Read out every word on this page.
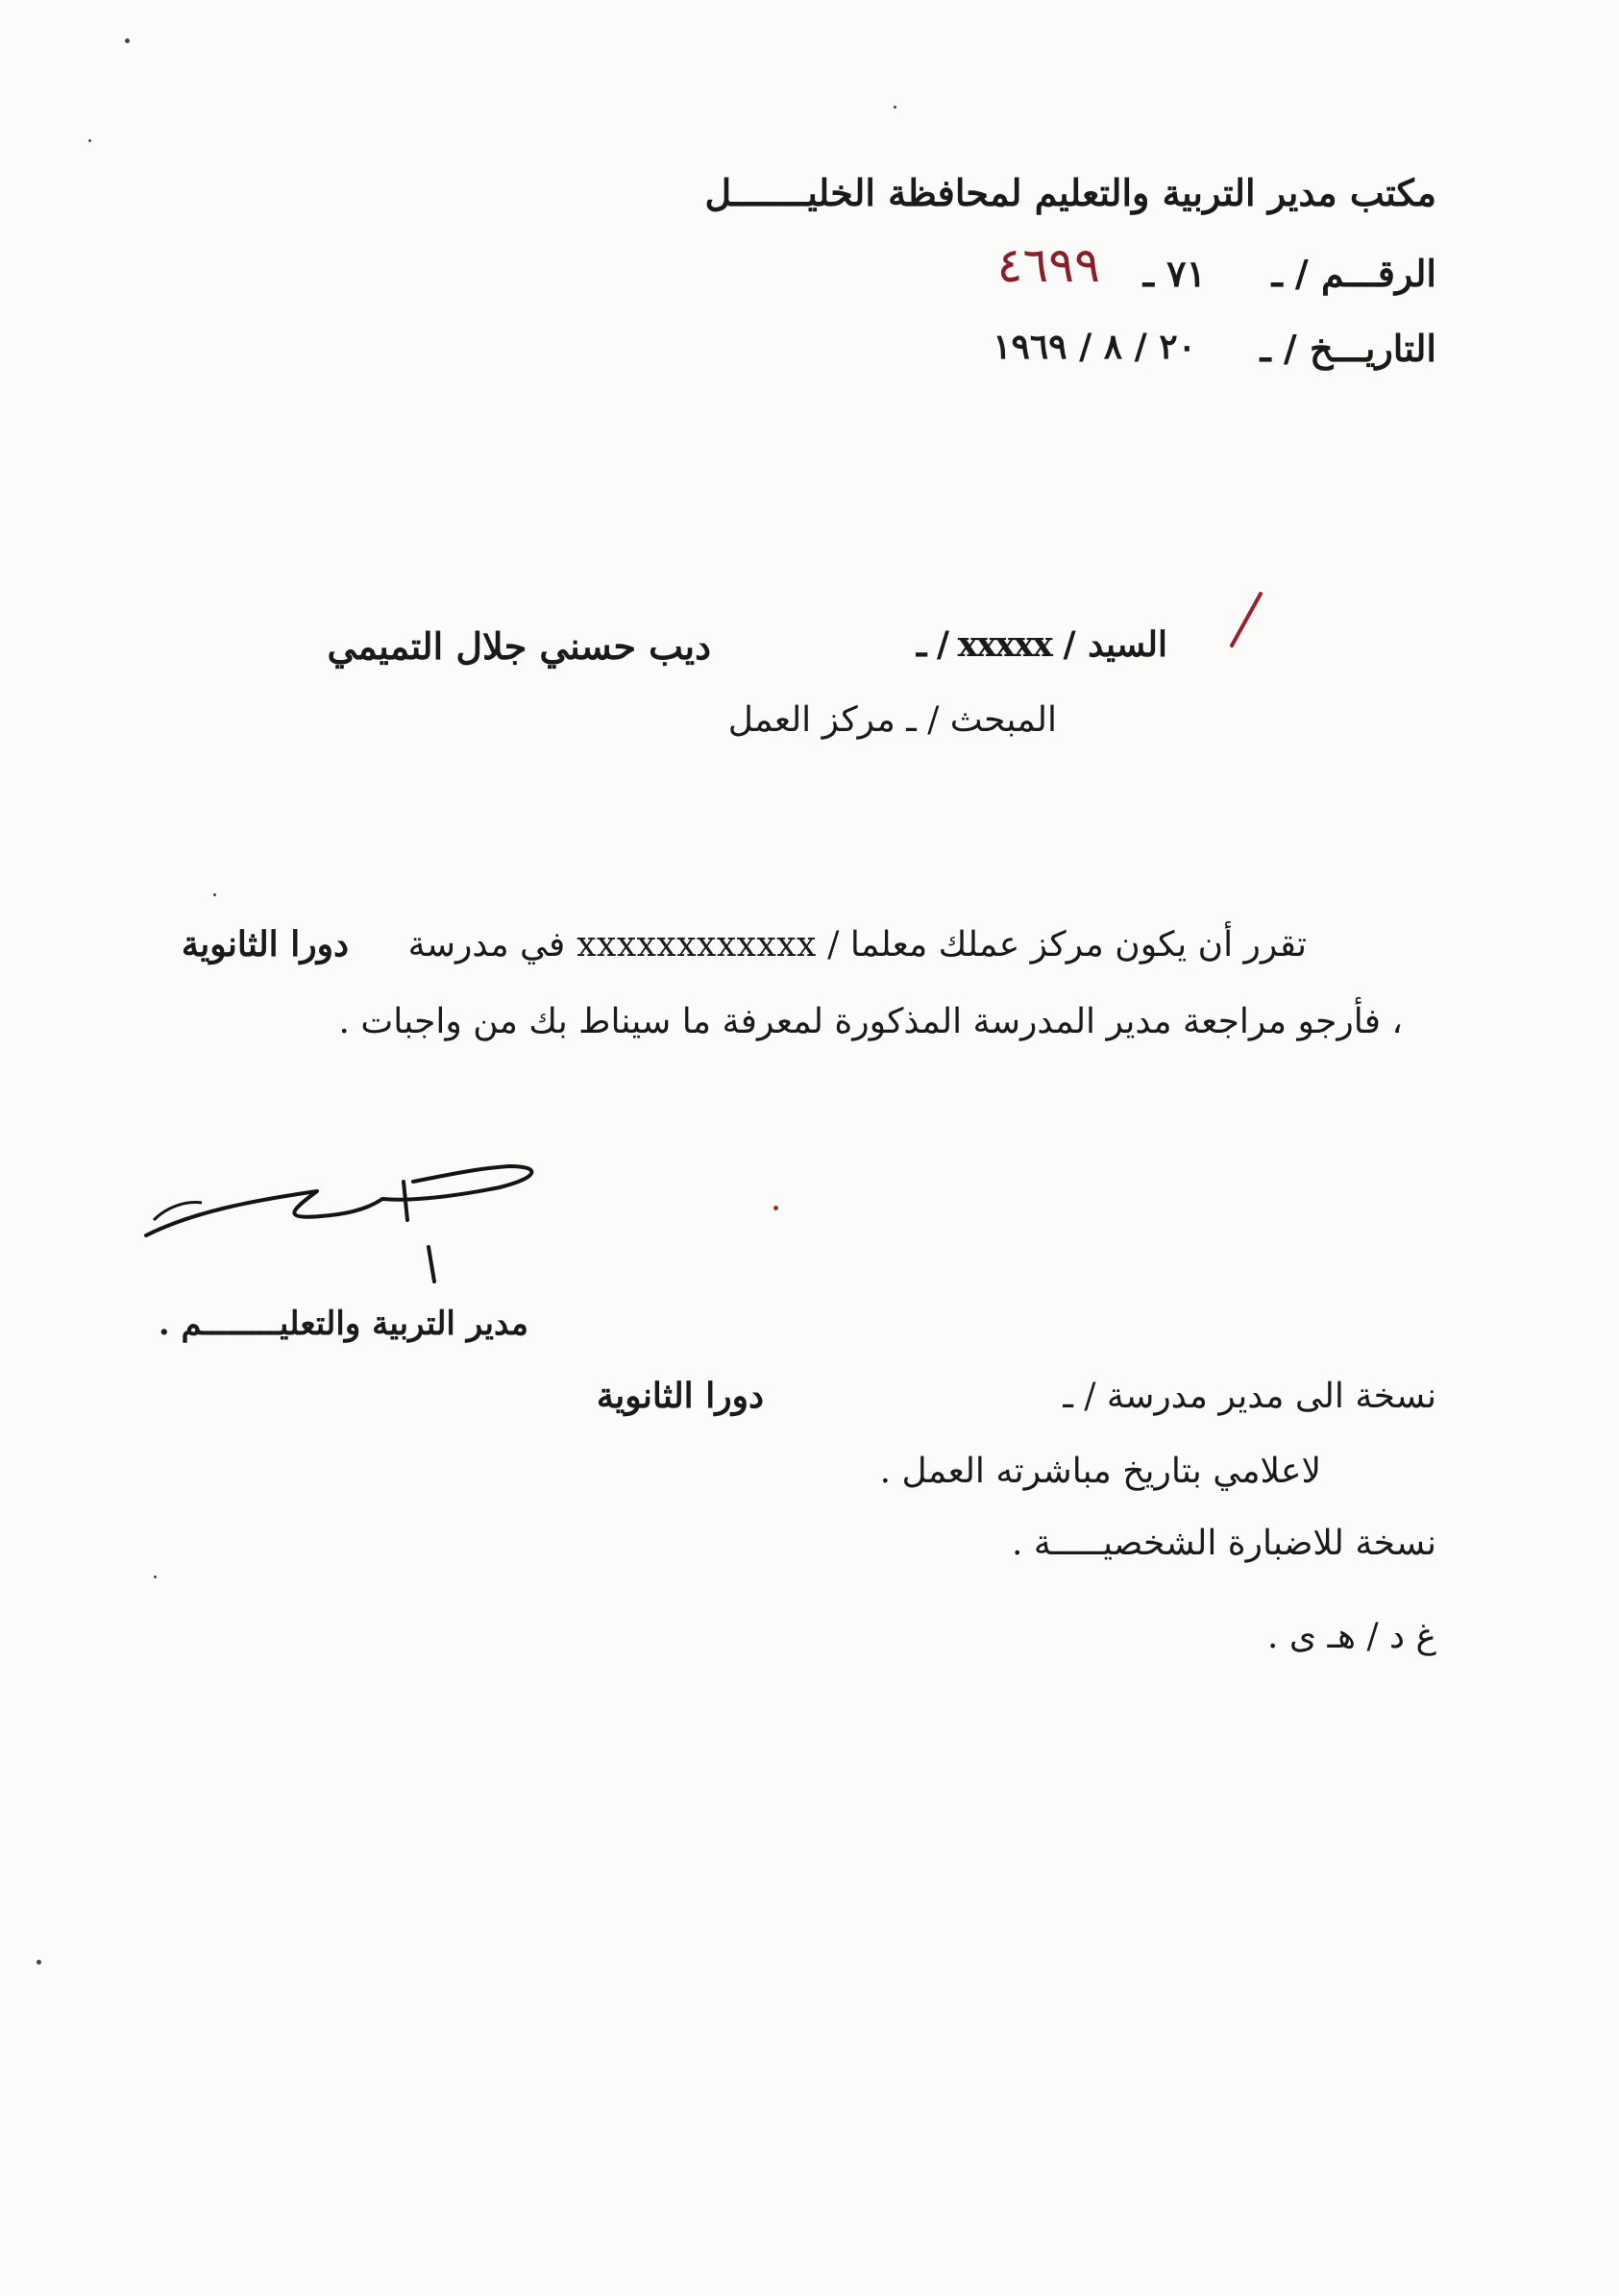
مكتب مدير التربية والتعليم لمحافظة الخليـــــــل
الرقـــم / ـ
٧١ ـ
٤٦٩٩
التاريـــخ / ـ
٢٠ / ٨ / ١٩٦٩
السيد / xxxxx / ـ
ديب حسني جلال التميمي
المبحث / ـ مركز العمل
تقرر أن يكون مركز عملك معلما / xxxxxxxxxxxx في مدرسة
دورا الثانوية
، فأرجو مراجعة مدير المدرسة المذكورة لمعرفة ما سيناط بك من واجبات .
مدير التربية والتعليــــــــم .
نسخة الى مدير مدرسة / ـ
دورا الثانوية
لاعلامي بتاريخ مباشرته العمل .
نسخة للاضبارة الشخصيـــــة .
غ د / هـ ى .
